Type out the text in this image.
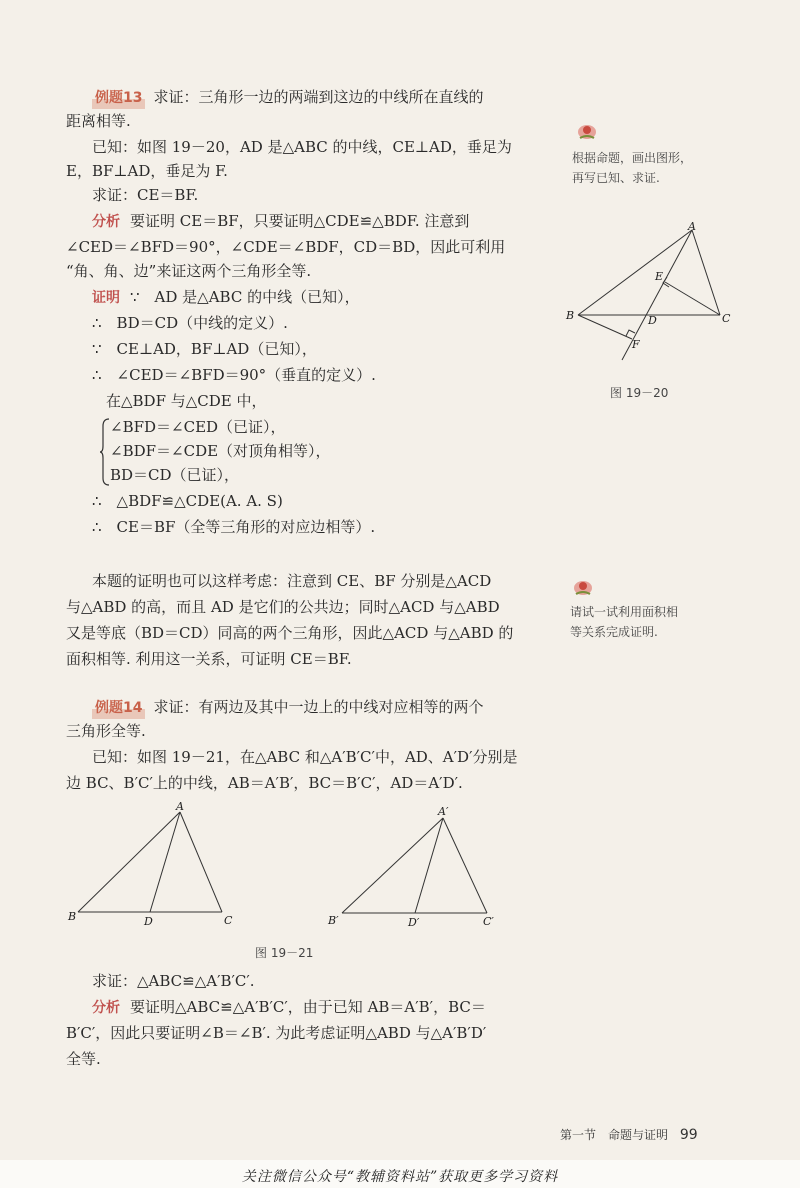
例题13 求证：三角形一边的两端到这边的中线所在直线的
距离相等.
已知：如图 19－20，AD 是△ABC 的中线，CE⊥AD，垂足为
E，BF⊥AD，垂足为 F.
求证：CE＝BF.
分析 要证明 CE＝BF，只要证明△CDE≌△BDF. 注意到
∠CED＝∠BFD＝90°，∠CDE＝∠BDF，CD＝BD，因此可利用
“角、角、边”来证这两个三角形全等.
证明 ∵　AD 是△ABC 的中线（已知），
∴　BD＝CD（中线的定义）.
∵　CE⊥AD，BF⊥AD（已知），
∴　∠CED＝∠BFD＝90°（垂直的定义）.
在△BDF 与△CDE 中，
∠BFD＝∠CED（已证），
∠BDF＝∠CDE（对顶角相等），
BD＝CD（已证），
∴　△BDF≌△CDE(A. A. S)
∴　CE＝BF（全等三角形的对应边相等）.
本题的证明也可以这样考虑：注意到 CE、BF 分别是△ACD
与△ABD 的高，而且 AD 是它们的公共边；同时△ACD 与△ABD
又是等底（BD＝CD）同高的两个三角形，因此△ACD 与△ABD 的
面积相等. 利用这一关系，可证明 CE＝BF.
根据命题，画出图形，
再写已知、求证.
请试一试利用面积相
等关系完成证明.
A
B	C
D
E
F
图 19－20
例题14 求证：有两边及其中一边上的中线对应相等的两个
三角形全等.
已知：如图 19－21，在△ABC 和△A′B′C′中，AD、A′D′分别是
边 BC、B′C′上的中线，AB＝A′B′，BC＝B′C′，AD＝A′D′.
A
B	C
D
A′
B′	C′
D′
图 19－21
求证：△ABC≌△A′B′C′.
分析 要证明△ABC≌△A′B′C′，由于已知 AB＝A′B′，BC＝
B′C′，因此只要证明∠B＝∠B′. 为此考虑证明△ABD 与△A′B′D′
全等.
第一节　命题与证明 99
关注微信公众号“教辅资料站”获取更多学习资料
